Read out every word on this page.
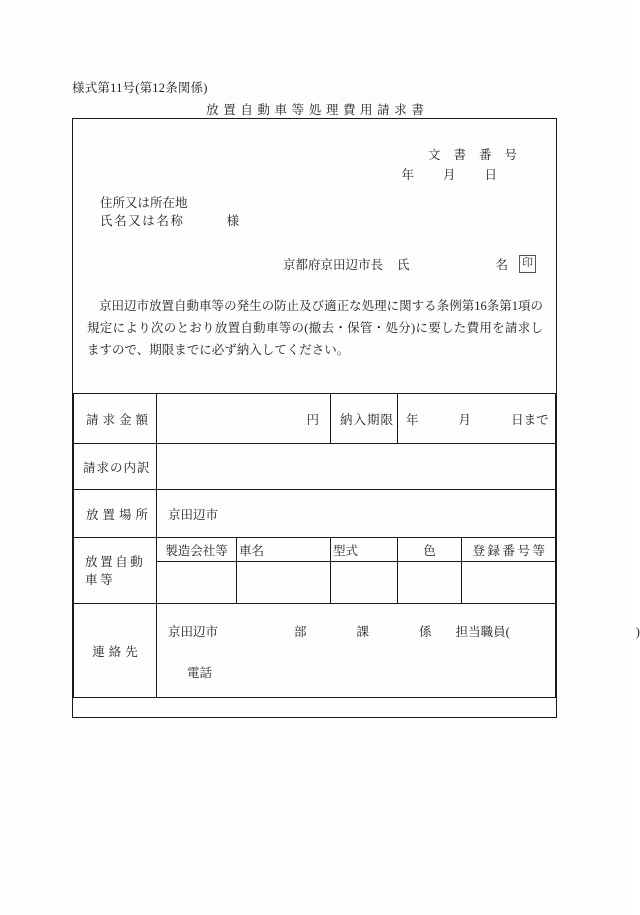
様式第11号(第12条関係)
放置自動車等処理費用請求書
文書番号
年月日
住所又は所在地
氏名又は名称	様
京都府京田辺市長 氏	名 印
京田辺市放置自動車等の発生の防止及び適正な処理に関する条例第16条第1項の規定により次のとおり放置自動車等の(撤去・保管・処分)に要した費用を請求しますので、期限までに必ず納入してください。
請求金額	円		納入期限	年 月 日まで	
請求の内訳					
放置場所	京田辺市				
放置自動車等	製造会社等	車名	型式	色	登録番号等

連絡先	京田辺市 部 課 係 担当職員( )
電話				
